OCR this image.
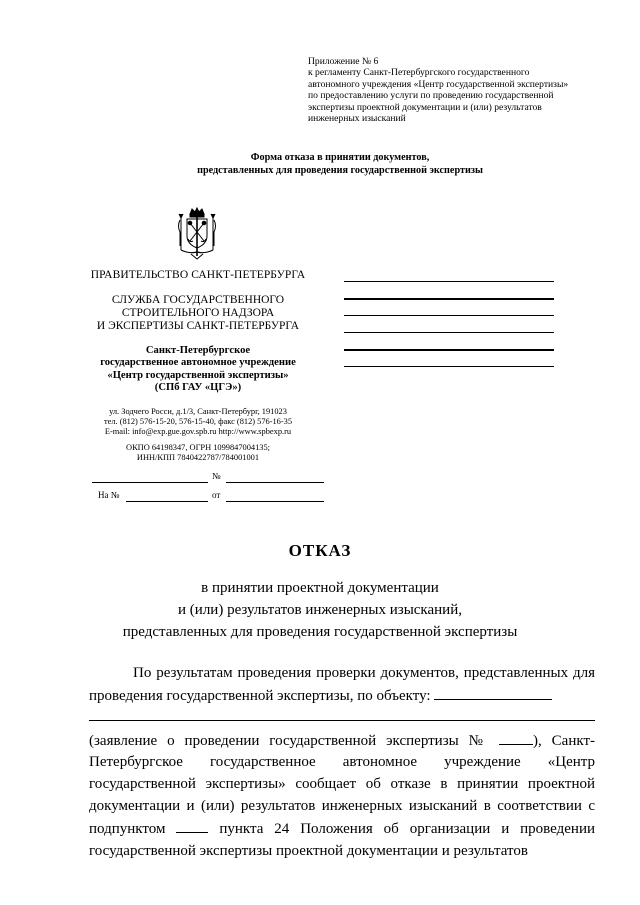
Приложение № 6
к регламенту Санкт-Петербургского государственного
автономного учреждения «Центр государственной экспертизы»
по предоставлению услуги по проведению государственной
экспертизы проектной документации и (или) результатов
инженерных изысканий
Форма отказа в принятии документов,
представленных для проведения государственной экспертизы
ПРАВИТЕЛЬСТВО САНКТ-ПЕТЕРБУРГА
СЛУЖБА ГОСУДАРСТВЕННОГО
СТРОИТЕЛЬНОГО НАДЗОРА
И ЭКСПЕРТИЗЫ САНКТ-ПЕТЕРБУРГА
Санкт-Петербургское
государственное автономное учреждение
«Центр государственной экспертизы»
(СПб ГАУ «ЦГЭ»)
ул. Зодчего Росси, д.1/3, Санкт-Петербург, 191023
тел. (812) 576-15-20, 576-15-40, факс (812) 576-16-35
E-mail: info@exp.gue.gov.spb.ru http://www.spbexp.ru
ОКПО 64198347, ОГРН 1099847004135;
ИНН/КПП 7840422787/784001001
№
На №	от
ОТКАЗ
в принятии проектной документации
и (или) результатов инженерных изысканий,
представленных для проведения государственной экспертизы

По результатам проведения проверки документов, представленных для проведения государственной экспертизы, по объекту:

(заявление о проведении государственной экспертизы №	), Санкт-Петербургское государственное автономное учреждение «Центр государственной экспертизы» сообщает об отказе в принятии проектной документации и (или) результатов инженерных изысканий в соответствии с подпунктом	пункта 24 Положения об организации и проведении государственной экспертизы проектной документации и результатов
